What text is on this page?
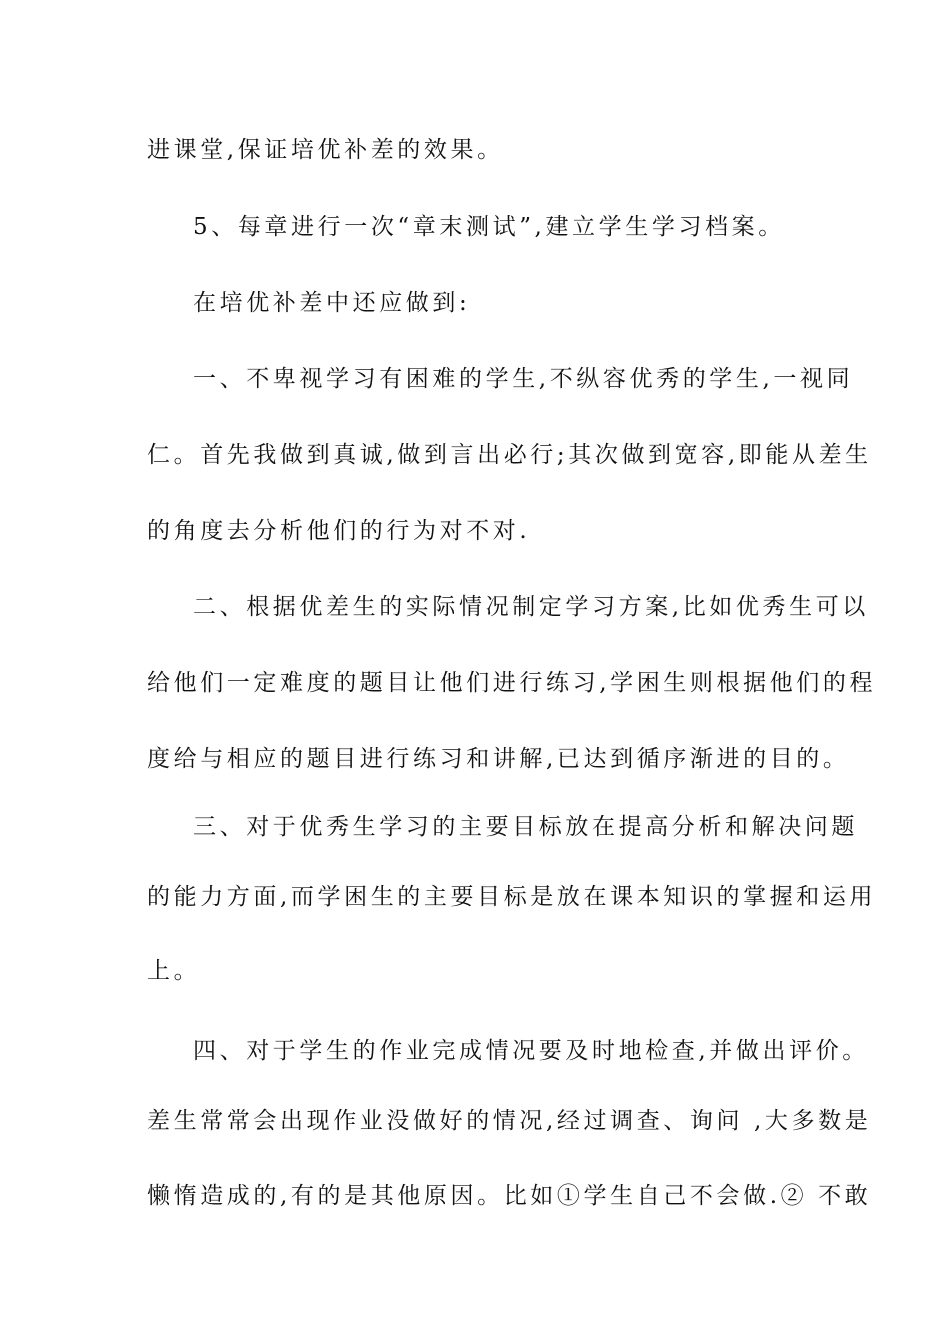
进课堂,保证培优补差的效果。
5、每章进行一次“章末测试”,建立学生学习档案。
在培优补差中还应做到:
一、不卑视学习有困难的学生,不纵容优秀的学生,一视同
仁。首先我做到真诚,做到言出必行;其次做到宽容,即能从差生
的角度去分析他们的行为对不对.
二、根据优差生的实际情况制定学习方案,比如优秀生可以
给他们一定难度的题目让他们进行练习,学困生则根据他们的程
度给与相应的题目进行练习和讲解,已达到循序渐进的目的。
三、对于优秀生学习的主要目标放在提高分析和解决问题
的能力方面,而学困生的主要目标是放在课本知识的掌握和运用
上。
四、对于学生的作业完成情况要及时地检查,并做出评价。
差生常常会出现作业没做好的情况,经过调查、询问 ,大多数是
懒惰造成的,有的是其他原因。比如①学生自己不会做.② 不敢
